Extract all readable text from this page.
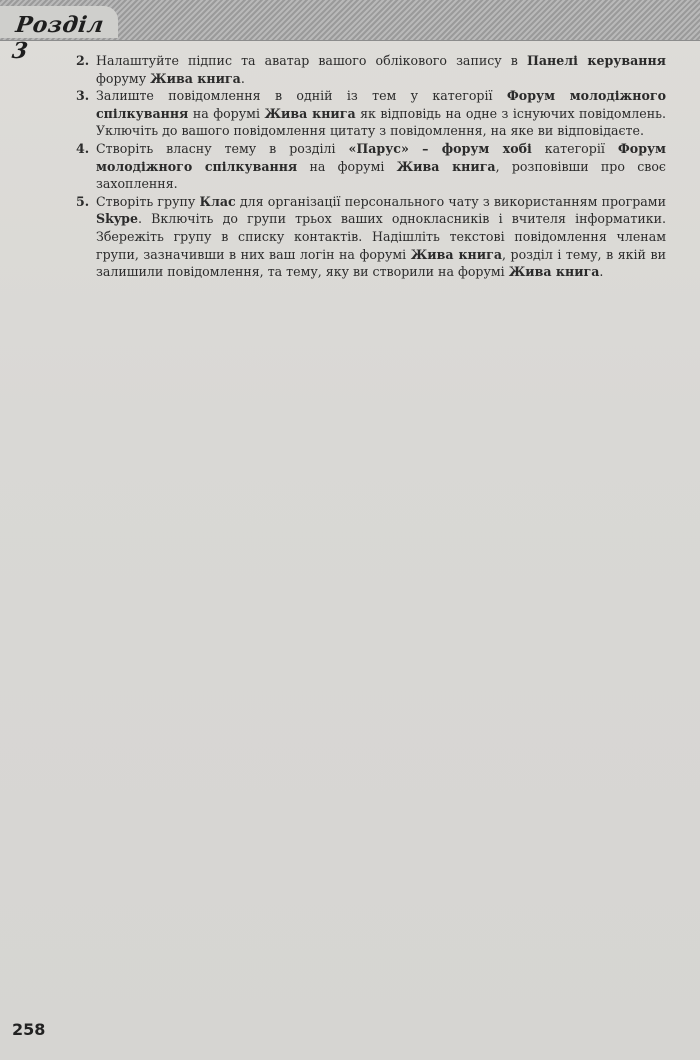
Розділ 3	2. Налаштуйте підпис та аватар вашого облікового запису в Панелі керування форуму Жива книга.
3. Залиште повідомлення в одній із тем у категорії Форум молодіжного спілкування на форумі Жива книга як відповідь на одне з існуючих повідомлень. Уключіть до вашого повідомлення цитату з повідомлення, на яке ви відповідаєте.
4. Створіть власну тему в розділі «Парус» – форум хобі категорії Форум молодіжного спілкування на форумі Жива книга, розповівши про своє захоплення.
5. Створіть групу Клас для організації персонального чату з використанням програми Skype. Включіть до групи трьох ваших однокласників і вчителя інформатики. Збережіть групу в списку контактів. Надішліть текстові повідомлення членам групи, зазначивши в них ваш логін на форумі Жива книга, розділ і тему, в якій ви залишили повідомлення, та тему, яку ви створили на форумі Жива книга.
258
